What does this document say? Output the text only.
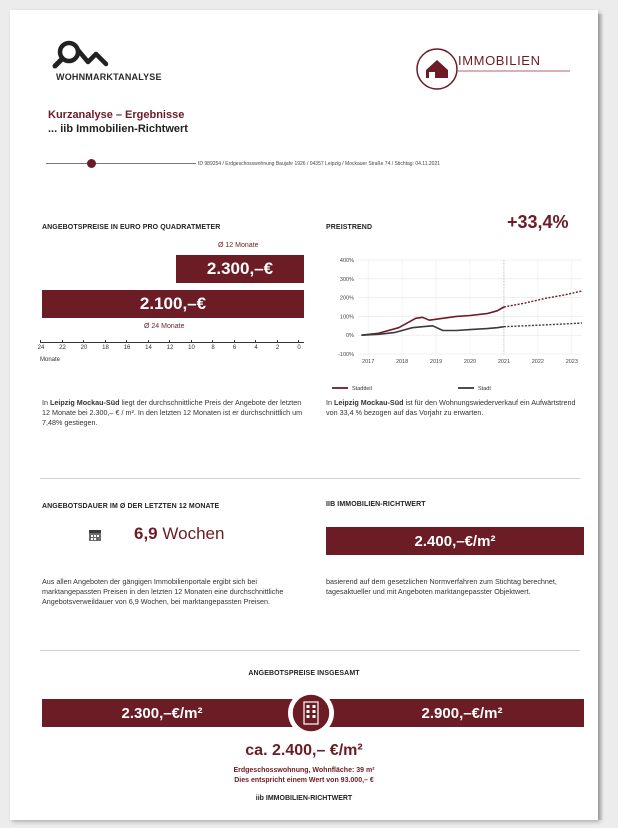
WOHNMARKTANALYSE
IMMOBILIEN
Kurzanalyse – Ergebnisse
... iib Immobilien-Richtwert
ID 989254 / Erdgeschosswohnung Baujahr 1926 / 04357 Leipzig / Mockauer Straße 74 / Stichtag: 04.11.2021
ANGEBOTSPREISE IN EURO PRO QUADRATMETER
Ø 12 Monate
2.300,–€
2.100,–€
Ø 24 Monate
24	22	20	18	16	14	12	10	8	6	4	2	0
Monate
In Leipzig Mockau-Süd liegt der durchschnittliche Preis der Angebote der letzten 12 Monate bei 2.300,– € / m². In den letzten 12 Monaten ist er durchschnittlich um 7,48% gestiegen.
PREISTREND	+33,4%
-100%
0%
100%
200%
300%
400%
2017	2018	2019	2020	2021	2022	2023
Stadtteil	Stadt
In Leipzig Mockau-Süd ist für den Wohnungswiederverkauf ein Aufwärtstrend von 33,4 % bezogen auf das Vorjahr zu erwarten.
ANGEBOTSDAUER IM Ø DER LETZTEN 12 MONATE
6,9 Wochen
Aus allen Angeboten der gängigen Immobilienportale ergibt sich bei marktangepassten Preisen in den letzten 12 Monaten eine durchschnittliche Angebotsverweildauer von 6,9 Wochen, bei marktangepassten Preisen.
IIB IMMOBILIEN-RICHTWERT
2.400,–€/m²
basierend auf dem gesetzlichen Normverfahren zum Stichtag berechnet, tagesaktueller und mit Angeboten marktangepasster Objektwert.
ANGEBOTSPREISE INSGESAMT
2.300,–€/m²	2.900,–€/m²
ca. 2.400,– €/m²
Erdgeschosswohnung, Wohnfläche: 39 m²
Dies entspricht einem Wert von 93.000,– €
iib IMMOBILIEN-RICHTWERT
